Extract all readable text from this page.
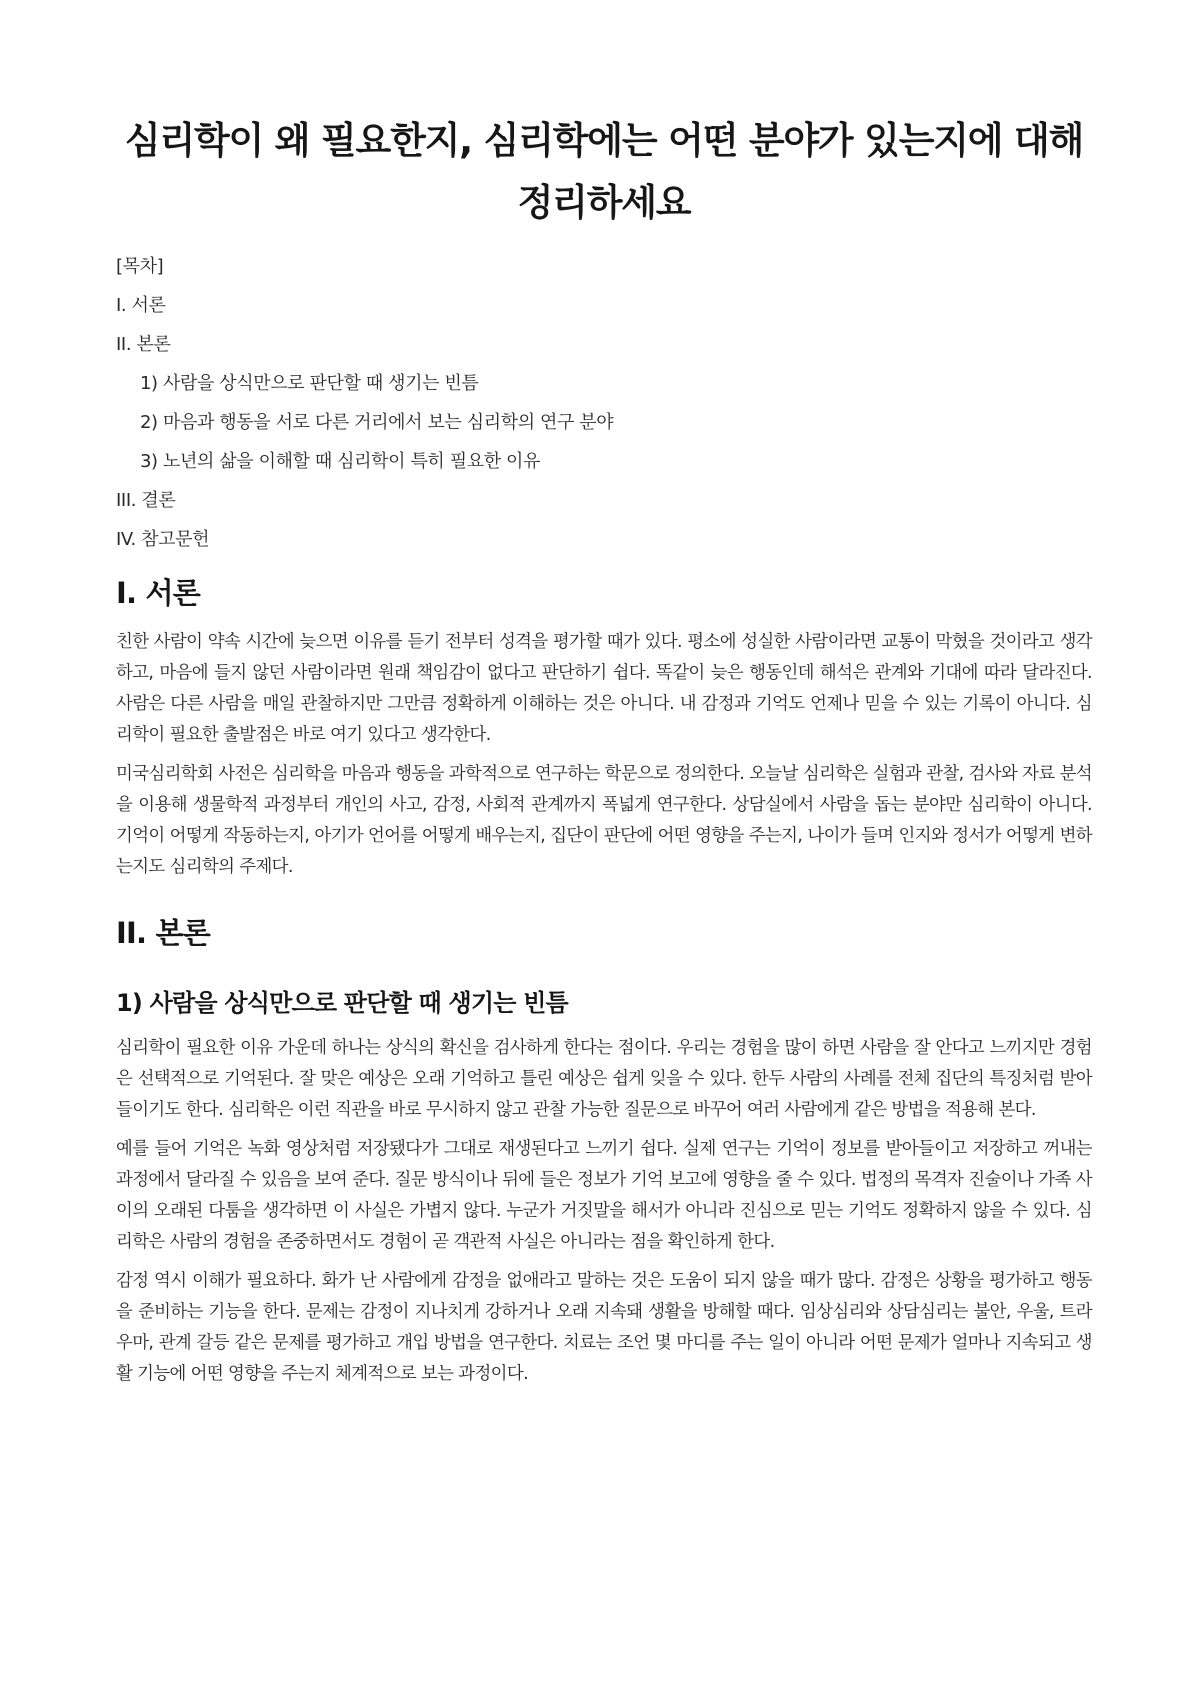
심리학이 왜 필요한지, 심리학에는 어떤 분야가 있는지에 대해 정리하세요
[목차]
I. 서론
II. 본론
1) 사람을 상식만으로 판단할 때 생기는 빈틈
2) 마음과 행동을 서로 다른 거리에서 보는 심리학의 연구 분야
3) 노년의 삶을 이해할 때 심리학이 특히 필요한 이유
III. 결론
IV. 참고문헌
I. 서론

친한 사람이 약속 시간에 늦으면 이유를 듣기 전부터 성격을 평가할 때가 있다. 평소에 성실한 사람이라면 교통이 막혔을 것이라고 생각하고, 마음에 들지 않던 사람이라면 원래 책임감이 없다고 판단하기 쉽다. 똑같이 늦은 행동인데 해석은 관계와 기대에 따라 달라진다. 사람은 다른 사람을 매일 관찰하지만 그만큼 정확하게 이해하는 것은 아니다. 내 감정과 기억도 언제나 믿을 수 있는 기록이 아니다. 심리학이 필요한 출발점은 바로 여기 있다고 생각한다.

미국심리학회 사전은 심리학을 마음과 행동을 과학적으로 연구하는 학문으로 정의한다. 오늘날 심리학은 실험과 관찰, 검사와 자료 분석을 이용해 생물학적 과정부터 개인의 사고, 감정, 사회적 관계까지 폭넓게 연구한다. 상담실에서 사람을 돕는 분야만 심리학이 아니다. 기억이 어떻게 작동하는지, 아기가 언어를 어떻게 배우는지, 집단이 판단에 어떤 영향을 주는지, 나이가 들며 인지와 정서가 어떻게 변하는지도 심리학의 주제다.

II. 본론
1) 사람을 상식만으로 판단할 때 생기는 빈틈

심리학이 필요한 이유 가운데 하나는 상식의 확신을 검사하게 한다는 점이다. 우리는 경험을 많이 하면 사람을 잘 안다고 느끼지만 경험은 선택적으로 기억된다. 잘 맞은 예상은 오래 기억하고 틀린 예상은 쉽게 잊을 수 있다. 한두 사람의 사례를 전체 집단의 특징처럼 받아들이기도 한다. 심리학은 이런 직관을 바로 무시하지 않고 관찰 가능한 질문으로 바꾸어 여러 사람에게 같은 방법을 적용해 본다.

예를 들어 기억은 녹화 영상처럼 저장됐다가 그대로 재생된다고 느끼기 쉽다. 실제 연구는 기억이 정보를 받아들이고 저장하고 꺼내는 과정에서 달라질 수 있음을 보여 준다. 질문 방식이나 뒤에 들은 정보가 기억 보고에 영향을 줄 수 있다. 법정의 목격자 진술이나 가족 사이의 오래된 다툼을 생각하면 이 사실은 가볍지 않다. 누군가 거짓말을 해서가 아니라 진심으로 믿는 기억도 정확하지 않을 수 있다. 심리학은 사람의 경험을 존중하면서도 경험이 곧 객관적 사실은 아니라는 점을 확인하게 한다.

감정 역시 이해가 필요하다. 화가 난 사람에게 감정을 없애라고 말하는 것은 도움이 되지 않을 때가 많다. 감정은 상황을 평가하고 행동을 준비하는 기능을 한다. 문제는 감정이 지나치게 강하거나 오래 지속돼 생활을 방해할 때다. 임상심리와 상담심리는 불안, 우울, 트라우마, 관계 갈등 같은 문제를 평가하고 개입 방법을 연구한다. 치료는 조언 몇 마디를 주는 일이 아니라 어떤 문제가 얼마나 지속되고 생활 기능에 어떤 영향을 주는지 체계적으로 보는 과정이다.
